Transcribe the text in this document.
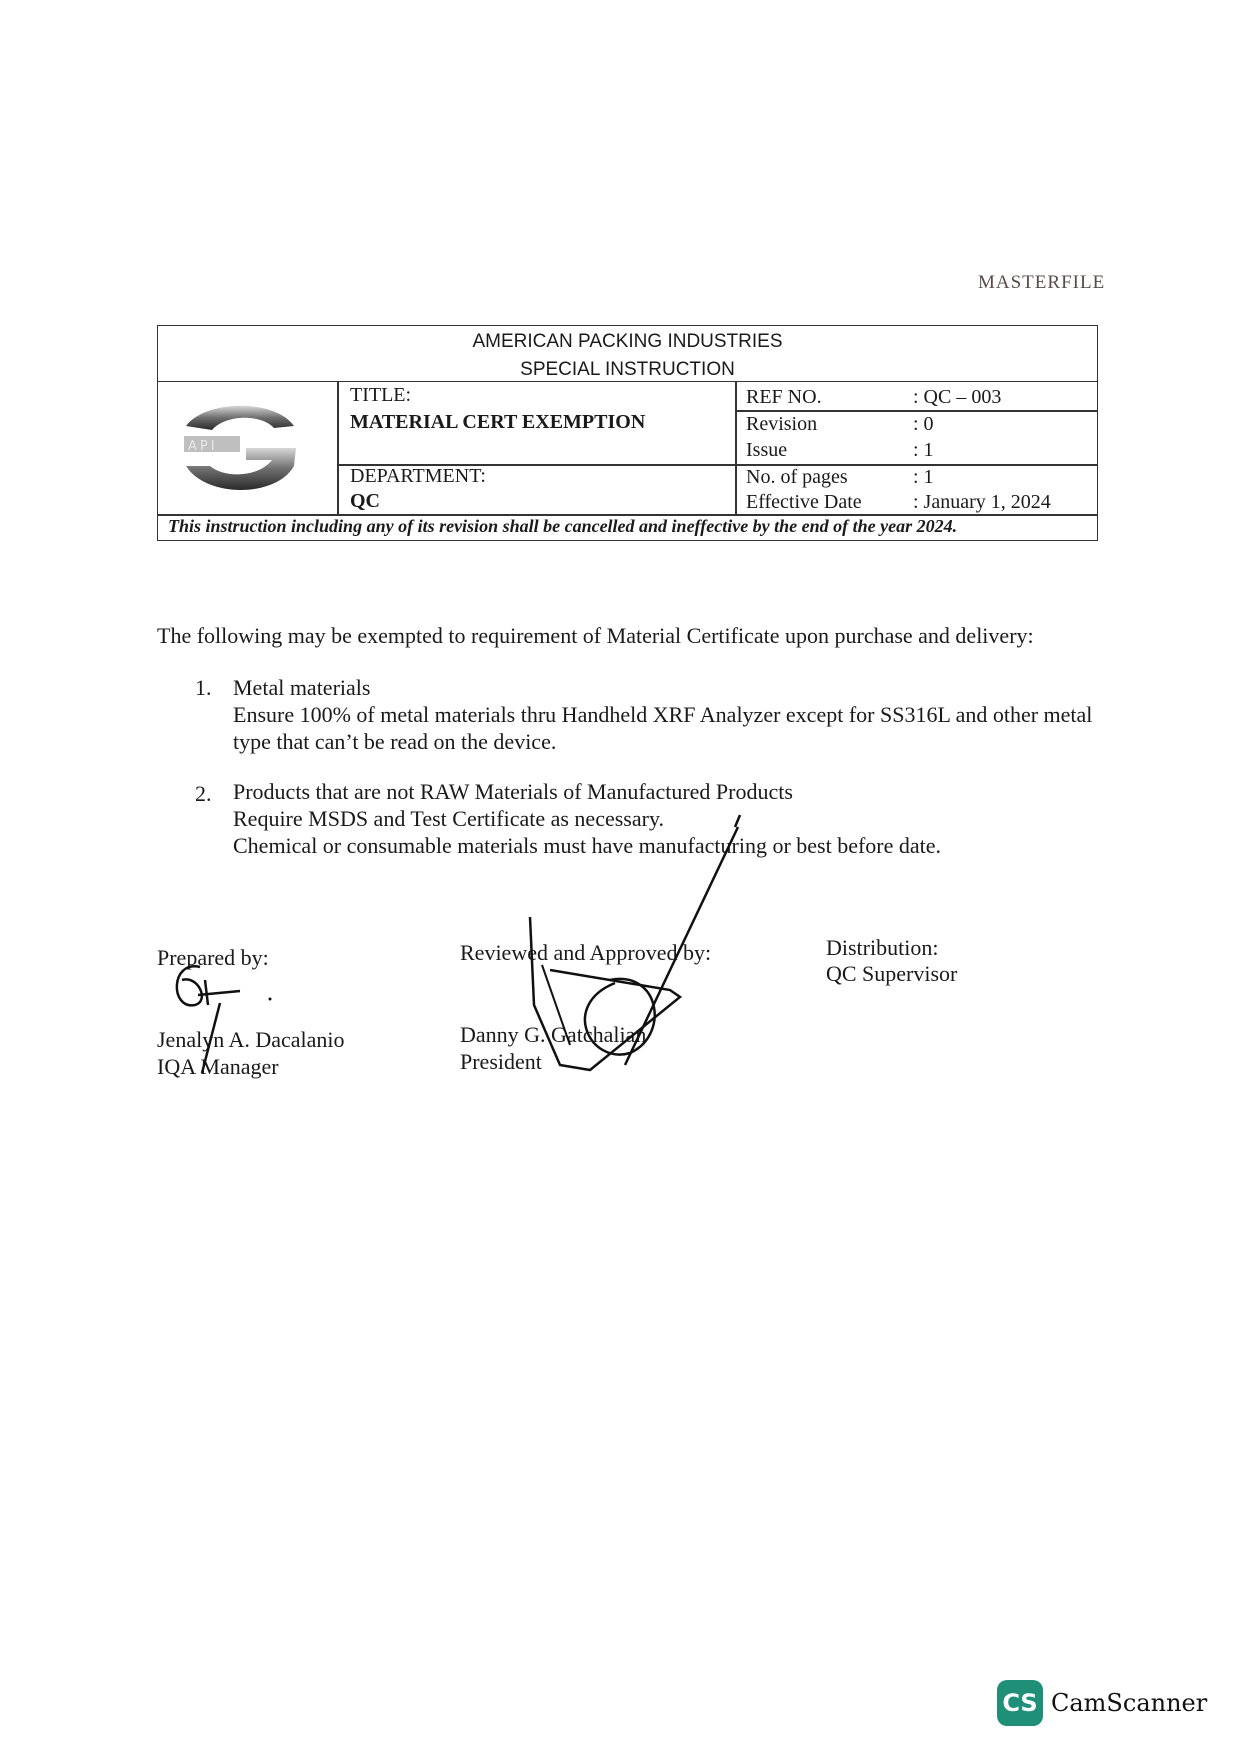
MASTERFILE
AMERICAN PACKING INDUSTRIES
SPECIAL INSTRUCTION
API
TITLE:
MATERIAL CERT EXEMPTION
DEPARTMENT:
QC
REF NO.	: QC – 003
Revision	: 0
Issue	: 1
No. of pages	: 1
Effective Date	: January 1, 2024
This instruction including any of its revision shall be cancelled and ineffective by the end of the year 2024.
The following may be exempted to requirement of Material Certificate upon purchase and delivery:
1. Metal materials
Ensure 100% of metal materials thru Handheld XRF Analyzer except for SS316L and other metal
type that can’t be read on the device.
2. Products that are not RAW Materials of Manufactured Products
Require MSDS and Test Certificate as necessary.
Chemical or consumable materials must have manufacturing or best before date.
Prepared by:
Jenalyn A. Dacalanio
IQA Manager
Reviewed and Approved by:
Danny G. Gatchalian
President
Distribution:
QC Supervisor
CS CamScanner
